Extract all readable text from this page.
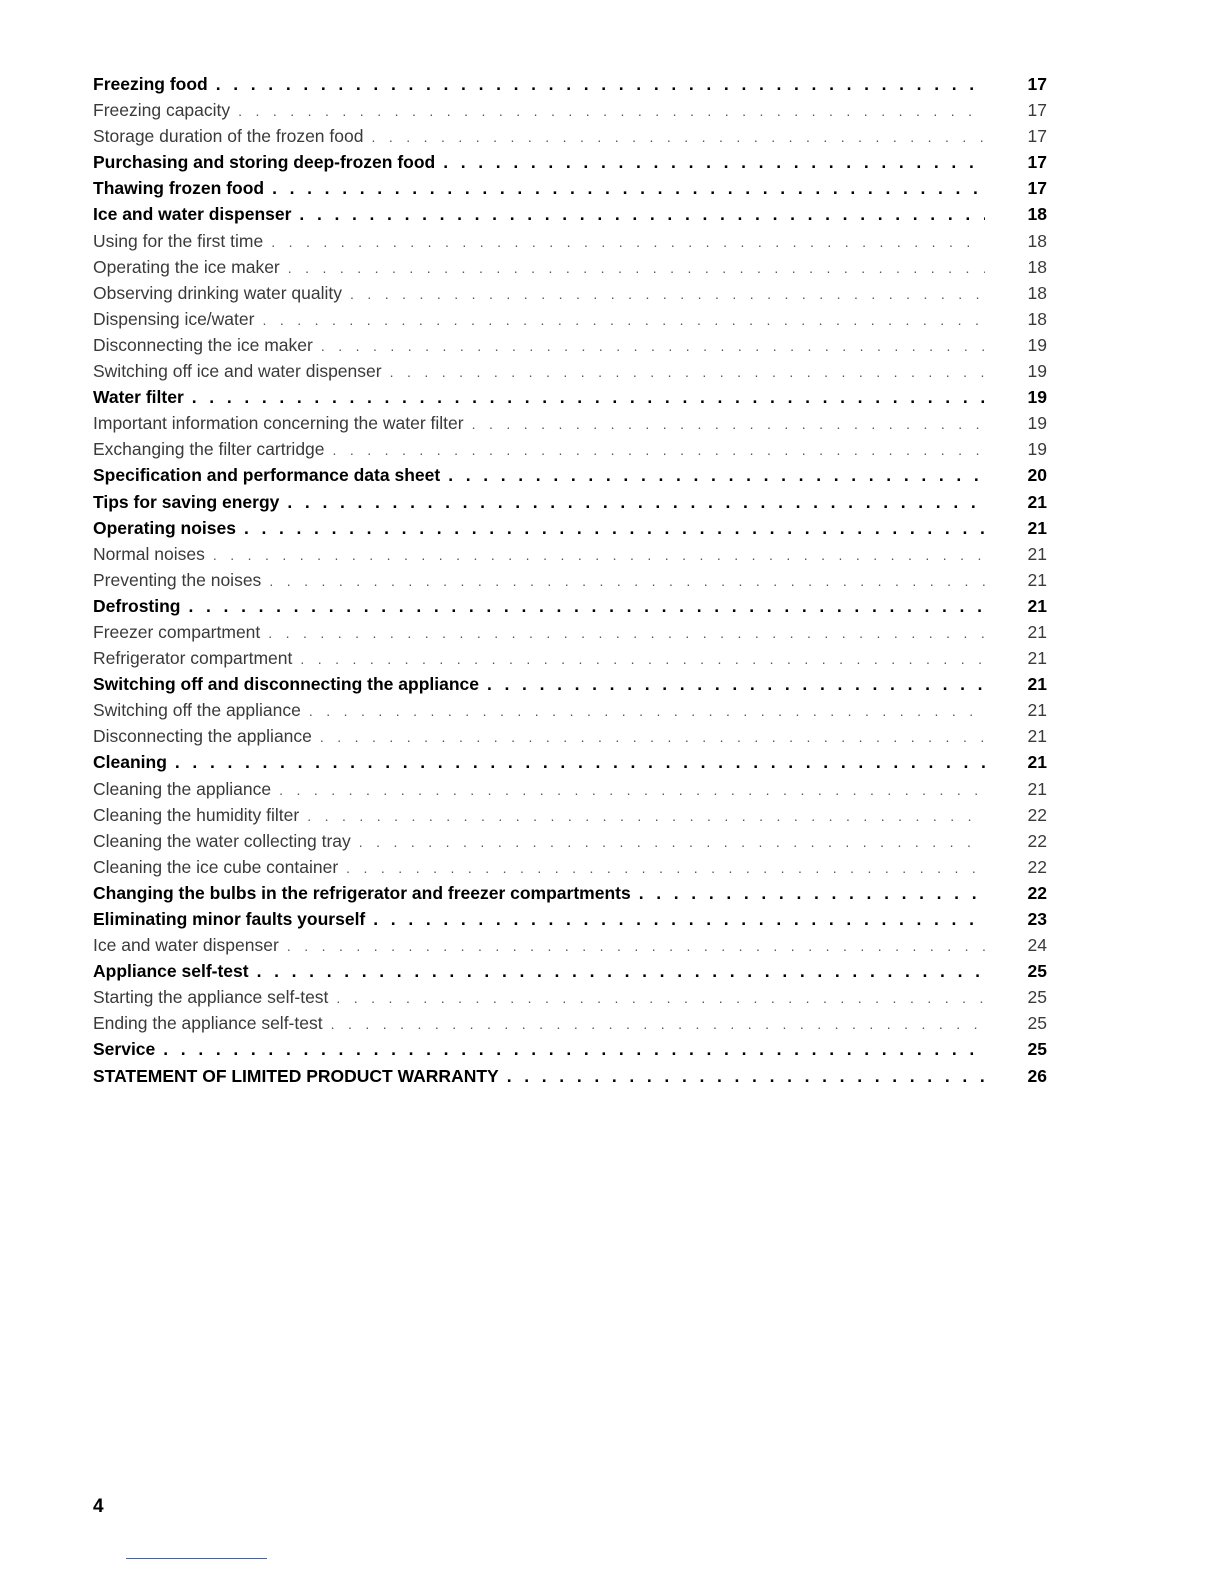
Freezing food . . .	17
Freezing capacity . . .	17
Storage duration of the frozen food . . .	17
Purchasing and storing deep-frozen food . . .	17
Thawing frozen food . . .	17
Ice and water dispenser . . .	18
Using for the first time . . .	18
Operating the ice maker . . .	18
Observing drinking water quality . . .	18
Dispensing ice/water . . .	18
Disconnecting the ice maker . . .	19
Switching off ice and water dispenser . . .	19
Water filter . . .	19
Important information concerning the water filter . . .	19
Exchanging the filter cartridge . . .	19
Specification and performance data sheet . . .	20
Tips for saving energy . . .	21
Operating noises . . .	21
Normal noises . . .	21
Preventing the noises . . .	21
Defrosting . . .	21
Freezer compartment . . .	21
Refrigerator compartment . . .	21
Switching off and disconnecting the appliance . . .	21
Switching off the appliance . . .	21
Disconnecting the appliance . . .	21
Cleaning . . .	21
Cleaning the appliance . . .	21
Cleaning the humidity filter . . .	22
Cleaning the water collecting tray . . .	22
Cleaning the ice cube container . . .	22
Changing the bulbs in the refrigerator and freezer compartments . . .	22
Eliminating minor faults yourself . . .	23
Ice and water dispenser . . .	24
Appliance self-test . . .	25
Starting the appliance self-test . . .	25
Ending the appliance self-test . . .	25
Service . . .	25
STATEMENT OF LIMITED PRODUCT WARRANTY . . .	26
4
